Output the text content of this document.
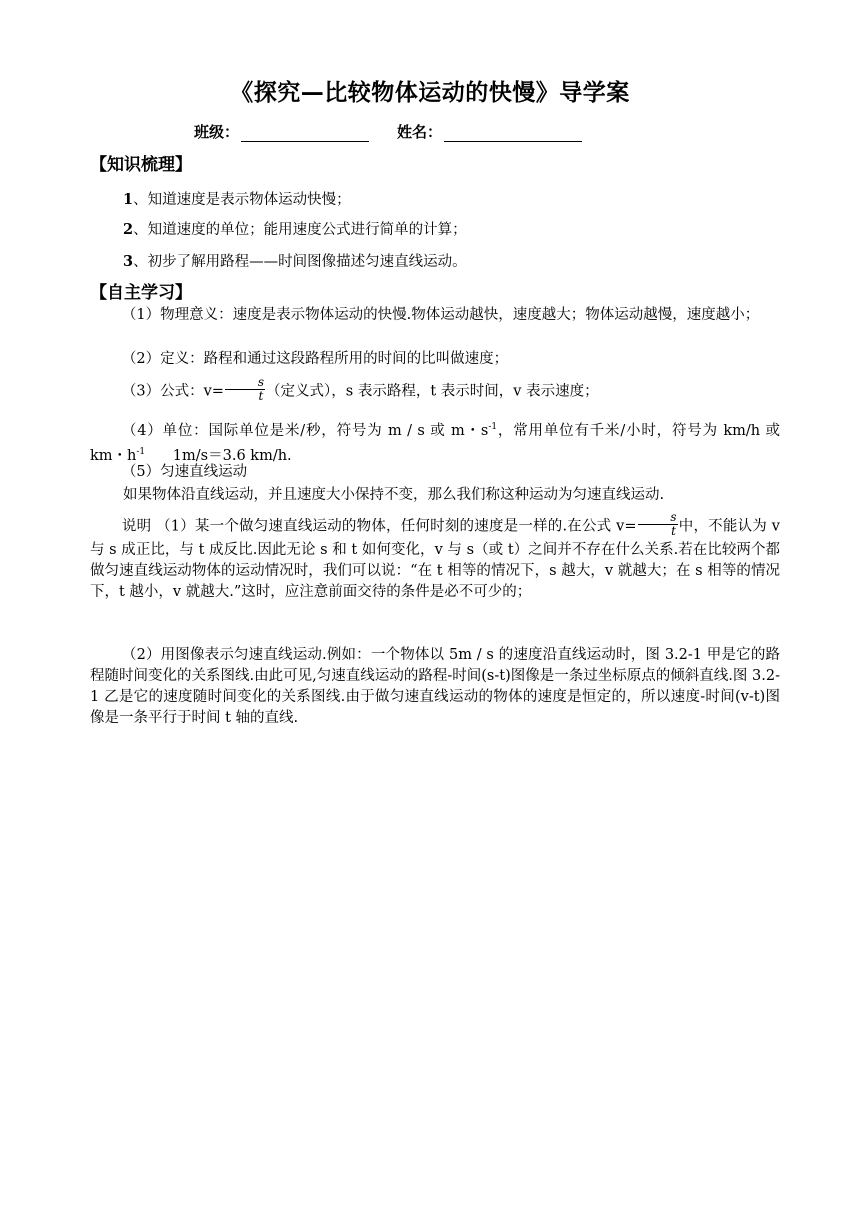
《探究—比较物体运动的快慢》导学案
班级：	姓名：
【知识梳理】
1、知道速度是表示物体运动快慢；
2、知道速度的单位；能用速度公式进行简单的计算；
3、初步了解用路程——时间图像描述匀速直线运动。
【自主学习】
（1）物理意义：速度是表示物体运动的快慢.物体运动越快，速度越大；物体运动越慢，速度越小；
（2）定义：路程和通过这段路程所用的时间的比叫做速度；
（3）公式：$v= \frac{s}{t}$ （定义式），s 表示路程，t 表示时间，v 表示速度；
（4）单位：国际单位是米/秒，符号为 m / s 或 m・$s^{-1}$，常用单位有千米/小时，符号为 km/h 或 km・$h^{-1}$      1m/s＝3.6 km/h.
（5）匀速直线运动
如果物体沿直线运动，并且速度大小保持不变，那么我们称这种运动为匀速直线运动.
说明 （1）某一个做匀速直线运动的物体，任何时刻的速度是一样的.在公式 $v= \frac{s}{t}$ 中，不能认为 v 与 s 成正比，与 t 成反比.因此无论 s 和 t 如何变化，v 与 s（或 t）之间并不存在什么关系.若在比较两个都做匀速直线运动物体的运动情况时，我们可以说：“在 t 相等的情况下，s 越大，v 就越大；在 s 相等的情况下，t 越小，v 就越大.”这时，应注意前面交待的条件是必不可少的；
（2）用图像表示匀速直线运动.例如：一个物体以 5m / s 的速度沿直线运动时，图 3.2-1 甲是它的路程随时间变化的关系图线.由此可见,匀速直线运动的路程-时间(s-t)图像是一条过坐标原点的倾斜直线.图 3.2-1 乙是它的速度随时间变化的关系图线.由于做匀速直线运动的物体的速度是恒定的，所以速度-时间(v-t)图像是一条平行于时间 t 轴的直线.
